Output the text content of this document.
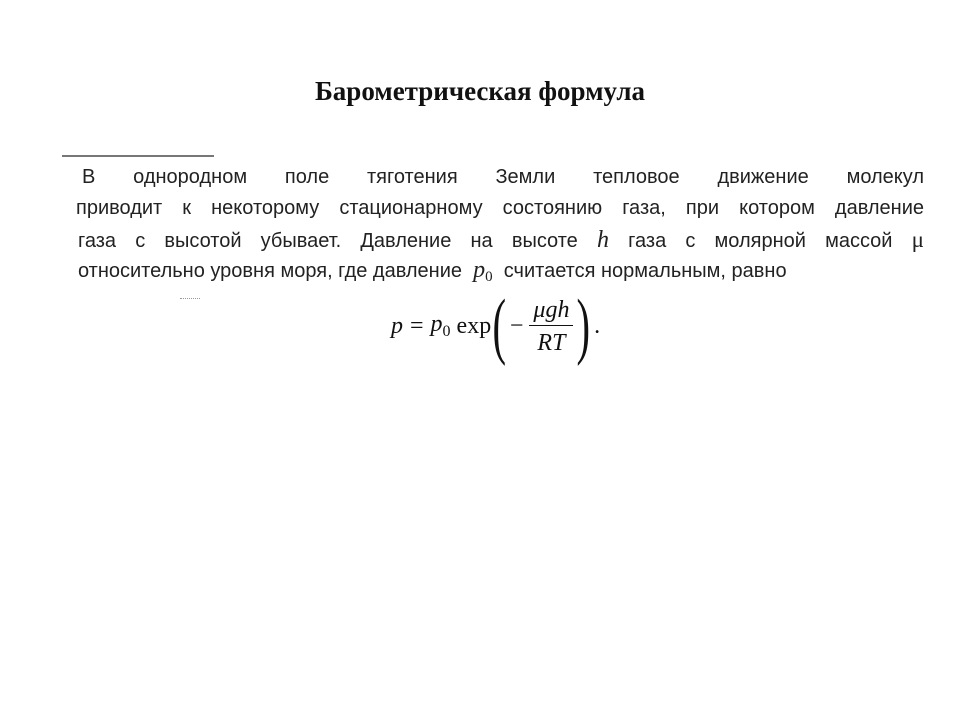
Барометрическая формула
В однородном поле тяготения Земли тепловое движение молекул
приводит к некоторому стационарному состоянию газа, при котором давление
газа с высотой убывает. Давление на высоте h газа с молярной массой μ
относительно уровня моря, где давление $p_0$ считается нормальным, равно
$p = p_0$ exp ( − $\frac{\text{μgh}}{RT}$ ) .
